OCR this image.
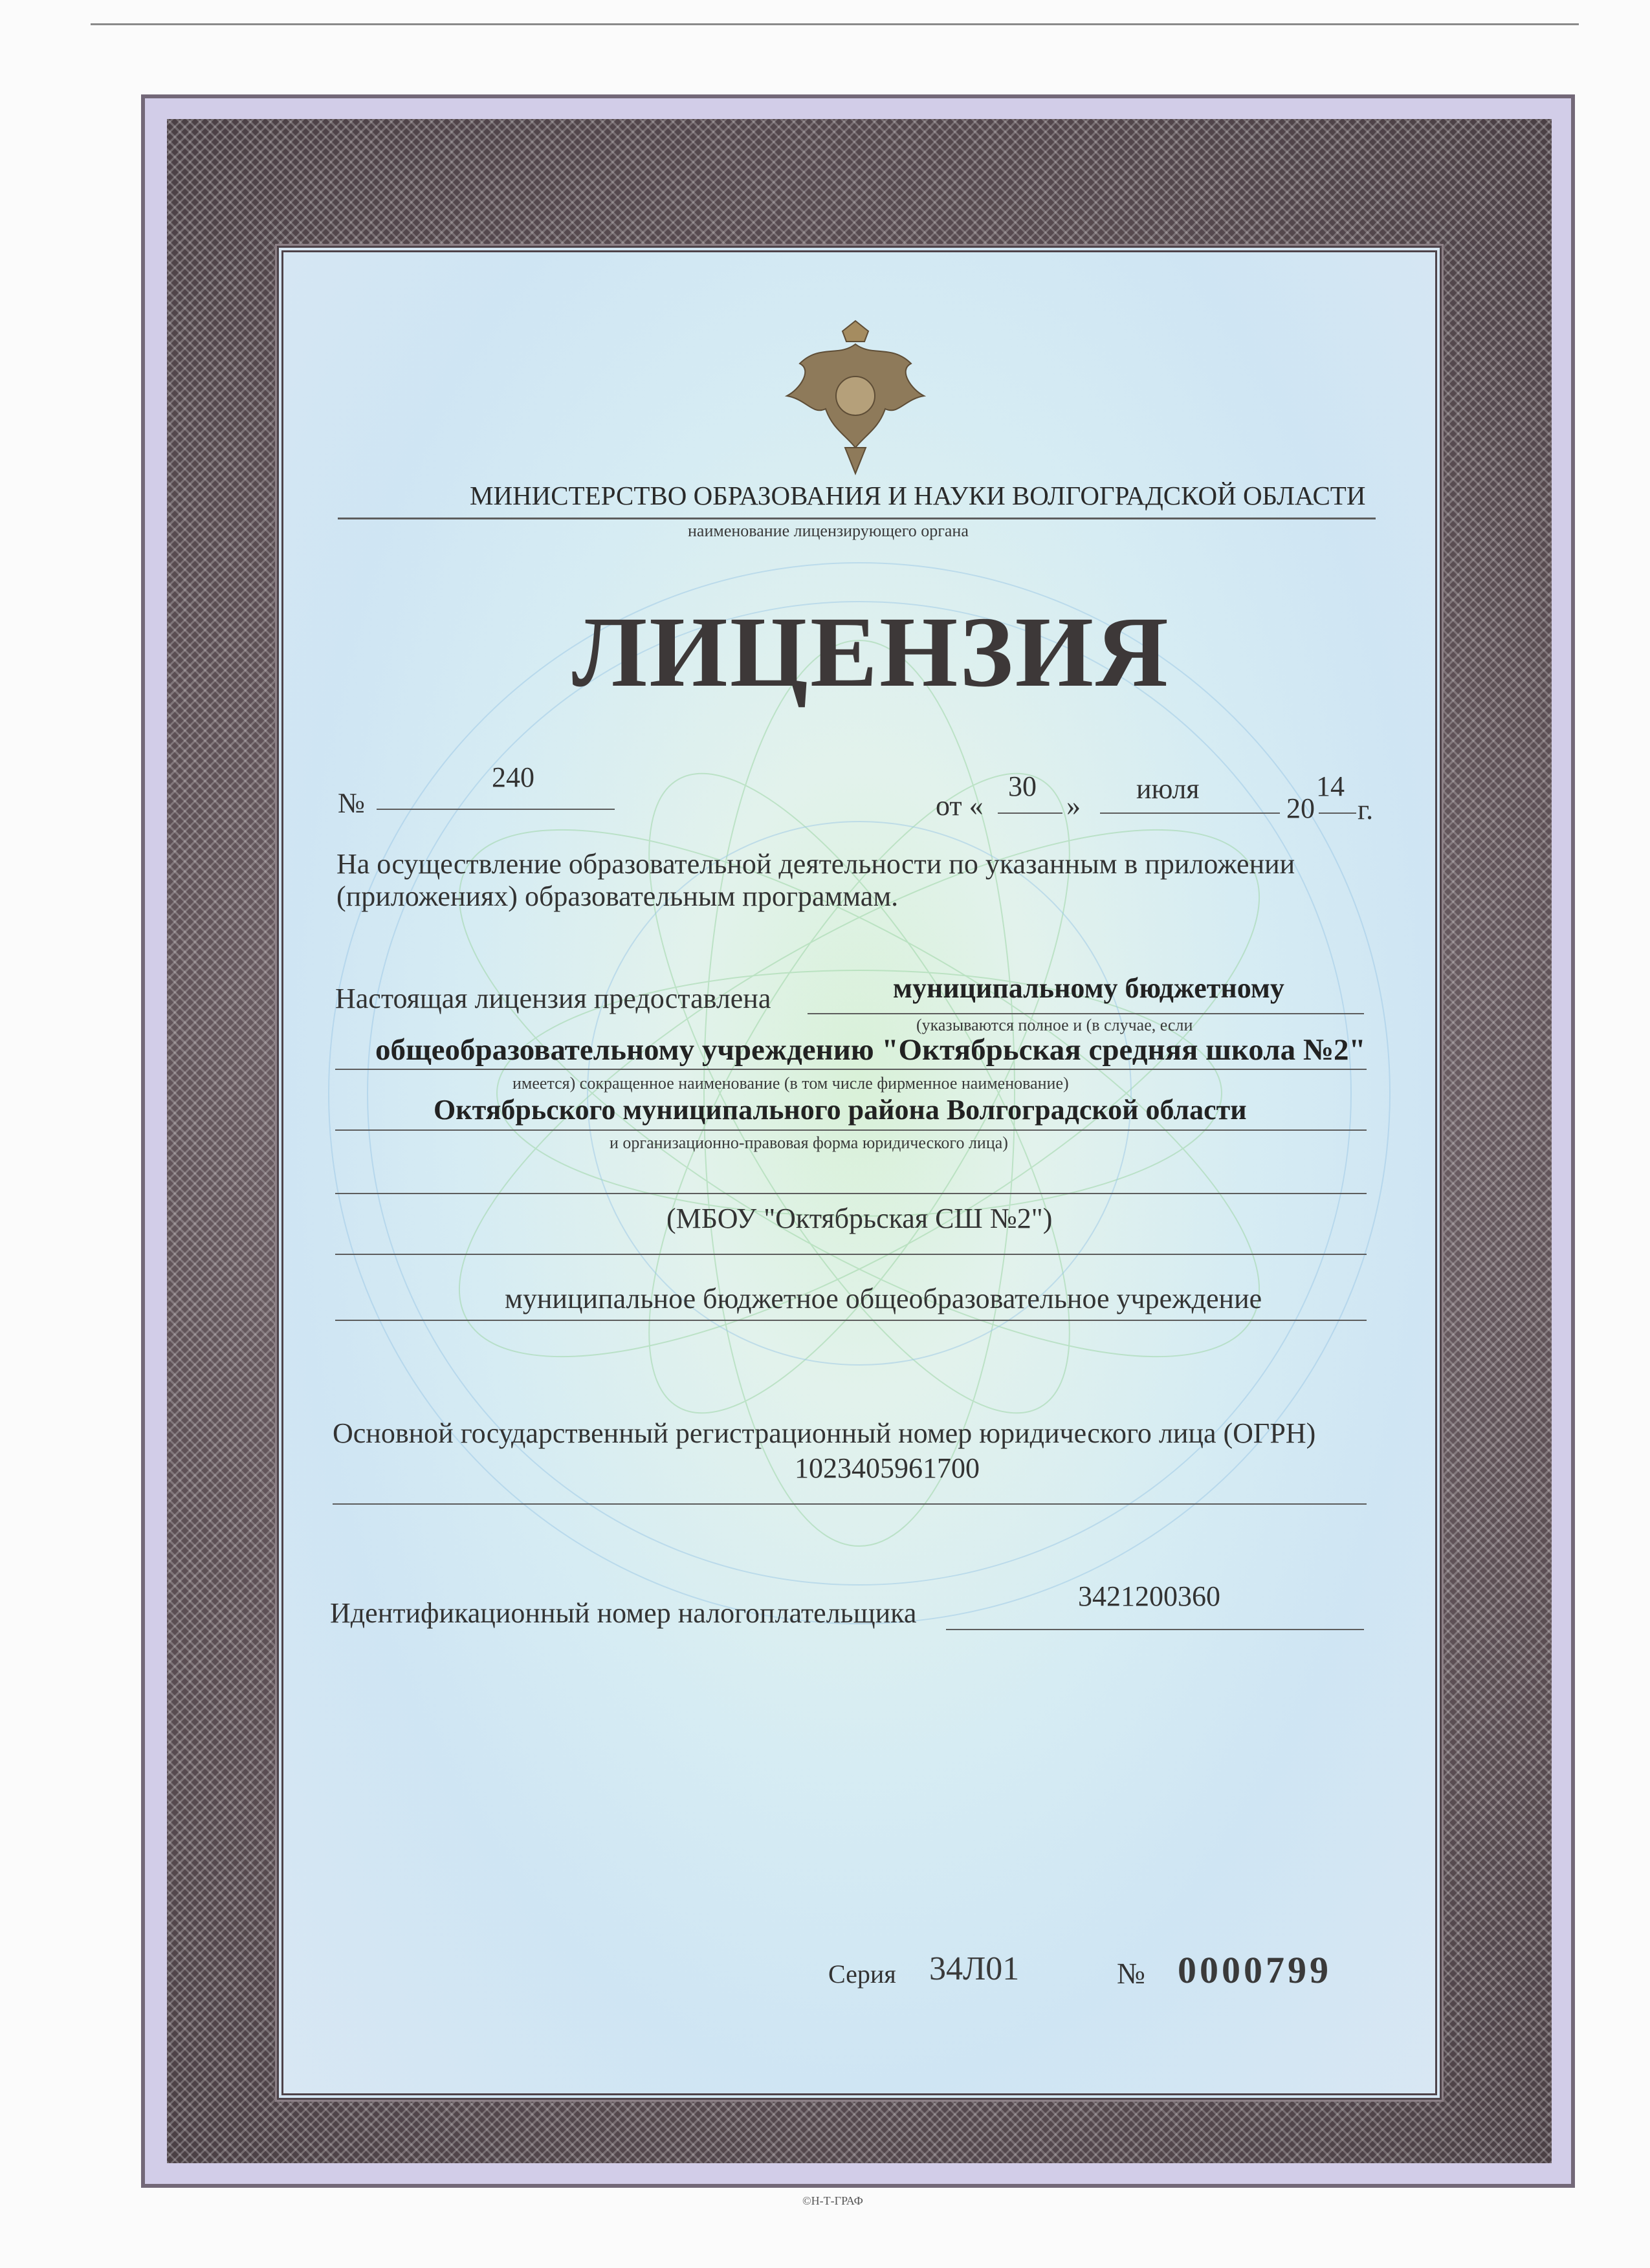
МИНИСТЕРСТВО ОБРАЗОВАНИЯ И НАУКИ ВОЛГОГРАДСКОЙ ОБЛАСТИ
наименование лицензирующего органа
ЛИЦЕНЗИЯ
№
240
от «
30
»
июля
20
14
г.
На осуществление образовательной деятельности по указанным в приложении
(приложениях) образовательным программам.
Настоящая лицензия предоставлена	муниципальному бюджетному
(указываются полное и (в случае, если
общеобразовательному учреждению "Октябрьская средняя школа №2"
имеется) сокращенное наименование (в том числе фирменное наименование)
Октябрьского муниципального района Волгоградской области
и организационно-правовая форма юридического лица)
(МБОУ "Октябрьская СШ №2")
муниципальное бюджетное общеобразовательное учреждение
Основной государственный регистрационный номер юридического лица (ОГРН)
1023405961700
Идентификационный номер налогоплательщика
3421200360
Серия 34Л01	№ 0000799
©Н-Т-ГРАФ
